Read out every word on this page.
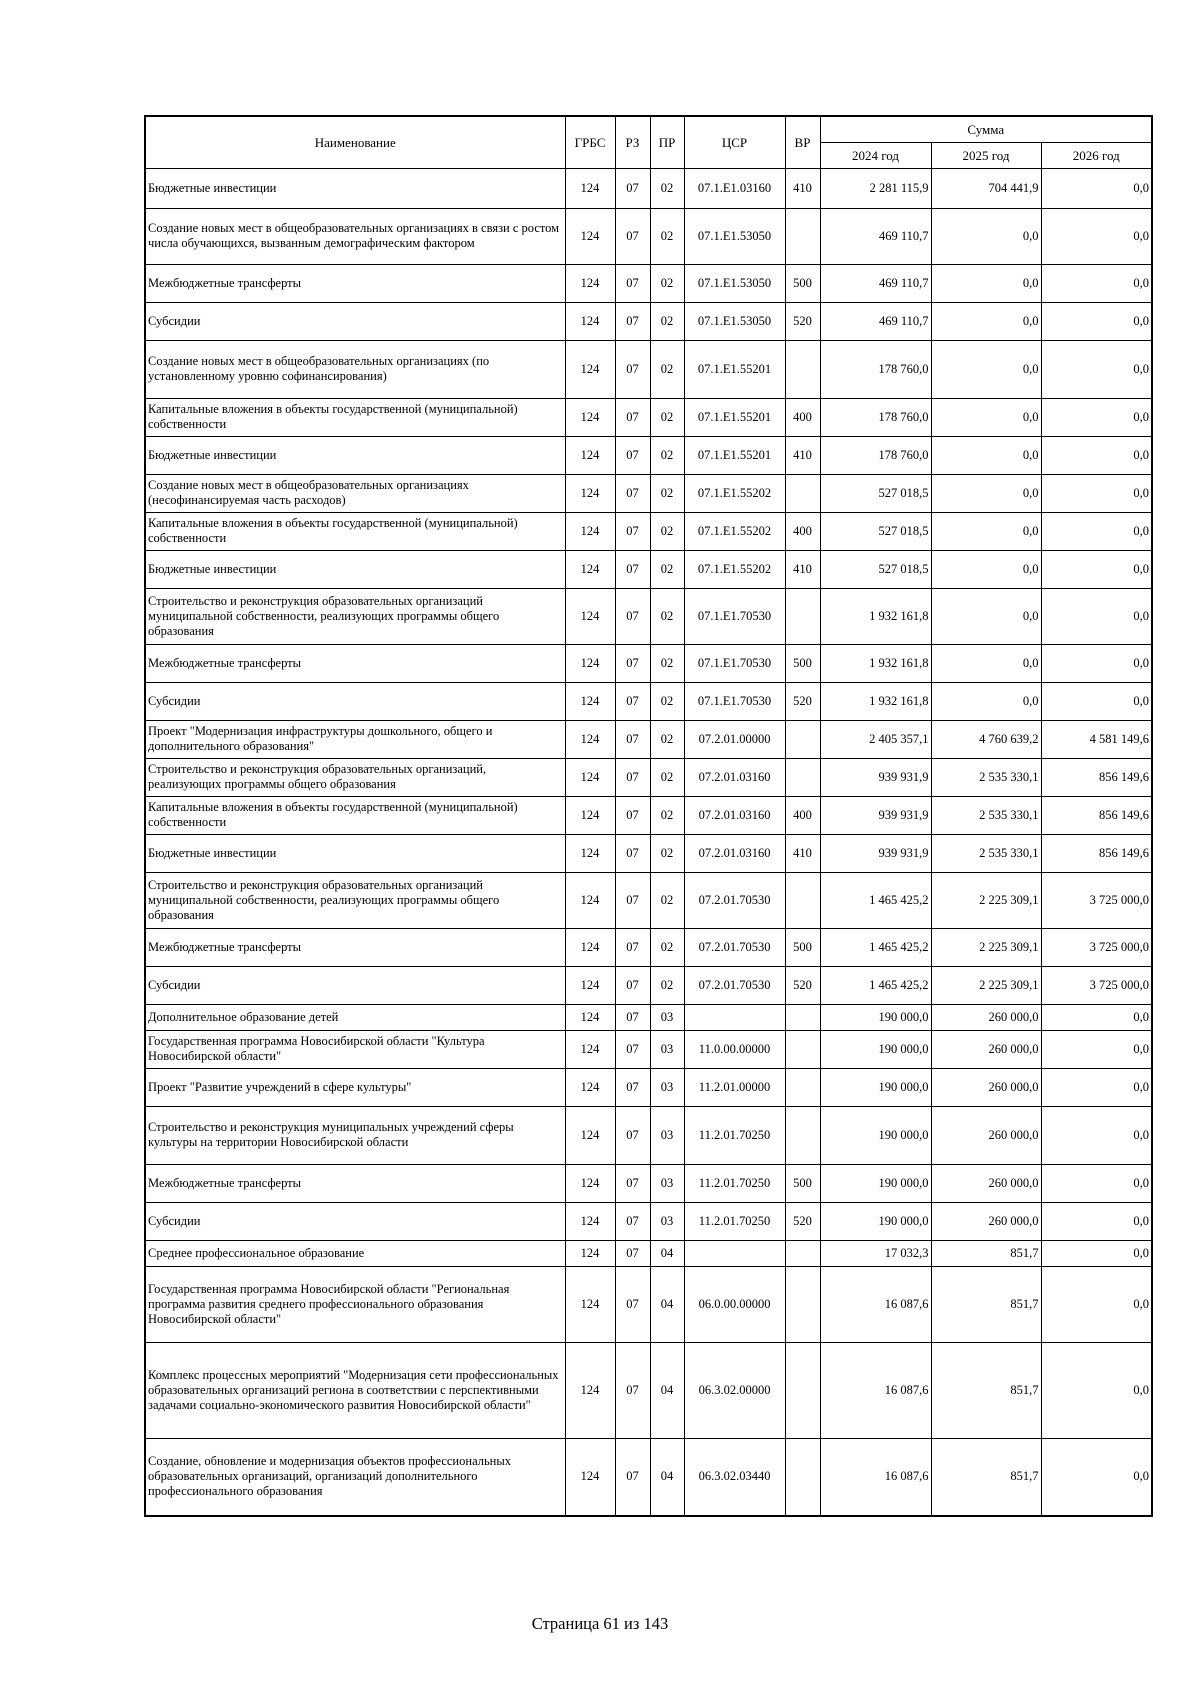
Наименование	ГРБС	РЗ	ПР	ЦСР	ВР	Сумма		
						2024 год	2025 год	2026 год
Бюджетные инвестиции	124	07	02	07.1.Е1.03160	410	2 281 115,9	704 441,9	0,0
Создание новых мест в общеобразовательных организациях в связи с ростом числа обучающихся, вызванным демографическим фактором	124	07	02	07.1.Е1.53050		469 110,7	0,0	0,0
Межбюджетные трансферты	124	07	02	07.1.Е1.53050	500	469 110,7	0,0	0,0
Субсидии	124	07	02	07.1.Е1.53050	520	469 110,7	0,0	0,0
Создание новых мест в общеобразовательных организациях (по установленному уровню софинансирования)	124	07	02	07.1.Е1.55201		178 760,0	0,0	0,0
Капитальные вложения в объекты государственной (муниципальной) собственности	124	07	02	07.1.Е1.55201	400	178 760,0	0,0	0,0
Бюджетные инвестиции	124	07	02	07.1.Е1.55201	410	178 760,0	0,0	0,0
Создание новых мест в общеобразовательных организациях (несофинансируемая часть расходов)	124	07	02	07.1.Е1.55202		527 018,5	0,0	0,0
Капитальные вложения в объекты государственной (муниципальной) собственности	124	07	02	07.1.Е1.55202	400	527 018,5	0,0	0,0
Бюджетные инвестиции	124	07	02	07.1.Е1.55202	410	527 018,5	0,0	0,0
Строительство и реконструкция образовательных организаций муниципальной собственности, реализующих программы общего образования	124	07	02	07.1.Е1.70530		1 932 161,8	0,0	0,0
Межбюджетные трансферты	124	07	02	07.1.Е1.70530	500	1 932 161,8	0,0	0,0
Субсидии	124	07	02	07.1.Е1.70530	520	1 932 161,8	0,0	0,0
Проект "Модернизация инфраструктуры дошкольного, общего и дополнительного образования"	124	07	02	07.2.01.00000		2 405 357,1	4 760 639,2	4 581 149,6
Строительство и реконструкция образовательных организаций, реализующих программы общего образования	124	07	02	07.2.01.03160		939 931,9	2 535 330,1	856 149,6
Капитальные вложения в объекты государственной (муниципальной) собственности	124	07	02	07.2.01.03160	400	939 931,9	2 535 330,1	856 149,6
Бюджетные инвестиции	124	07	02	07.2.01.03160	410	939 931,9	2 535 330,1	856 149,6
Строительство и реконструкция образовательных организаций муниципальной собственности, реализующих программы общего образования	124	07	02	07.2.01.70530		1 465 425,2	2 225 309,1	3 725 000,0
Межбюджетные трансферты	124	07	02	07.2.01.70530	500	1 465 425,2	2 225 309,1	3 725 000,0
Субсидии	124	07	02	07.2.01.70530	520	1 465 425,2	2 225 309,1	3 725 000,0
Дополнительное образование детей	124	07	03			190 000,0	260 000,0	0,0
Государственная программа Новосибирской области "Культура Новосибирской области"	124	07	03	11.0.00.00000		190 000,0	260 000,0	0,0
Проект "Развитие учреждений в сфере культуры"	124	07	03	11.2.01.00000		190 000,0	260 000,0	0,0
Строительство и реконструкция муниципальных учреждений сферы культуры на территории Новосибирской области	124	07	03	11.2.01.70250		190 000,0	260 000,0	0,0
Межбюджетные трансферты	124	07	03	11.2.01.70250	500	190 000,0	260 000,0	0,0
Субсидии	124	07	03	11.2.01.70250	520	190 000,0	260 000,0	0,0
Среднее профессиональное образование	124	07	04			17 032,3	851,7	0,0
Государственная программа Новосибирской области "Региональная программа развития среднего профессионального образования Новосибирской области"	124	07	04	06.0.00.00000		16 087,6	851,7	0,0
Комплекс процессных мероприятий "Модернизация сети профессиональных образовательных организаций региона в соответствии с перспективными задачами социально-экономического развития Новосибирской области"	124	07	04	06.3.02.00000		16 087,6	851,7	0,0
Создание, обновление и модернизация объектов профессиональных образовательных организаций, организаций дополнительного профессионального образования	124	07	04	06.3.02.03440		16 087,6	851,7	0,0
Страница 61 из 143
